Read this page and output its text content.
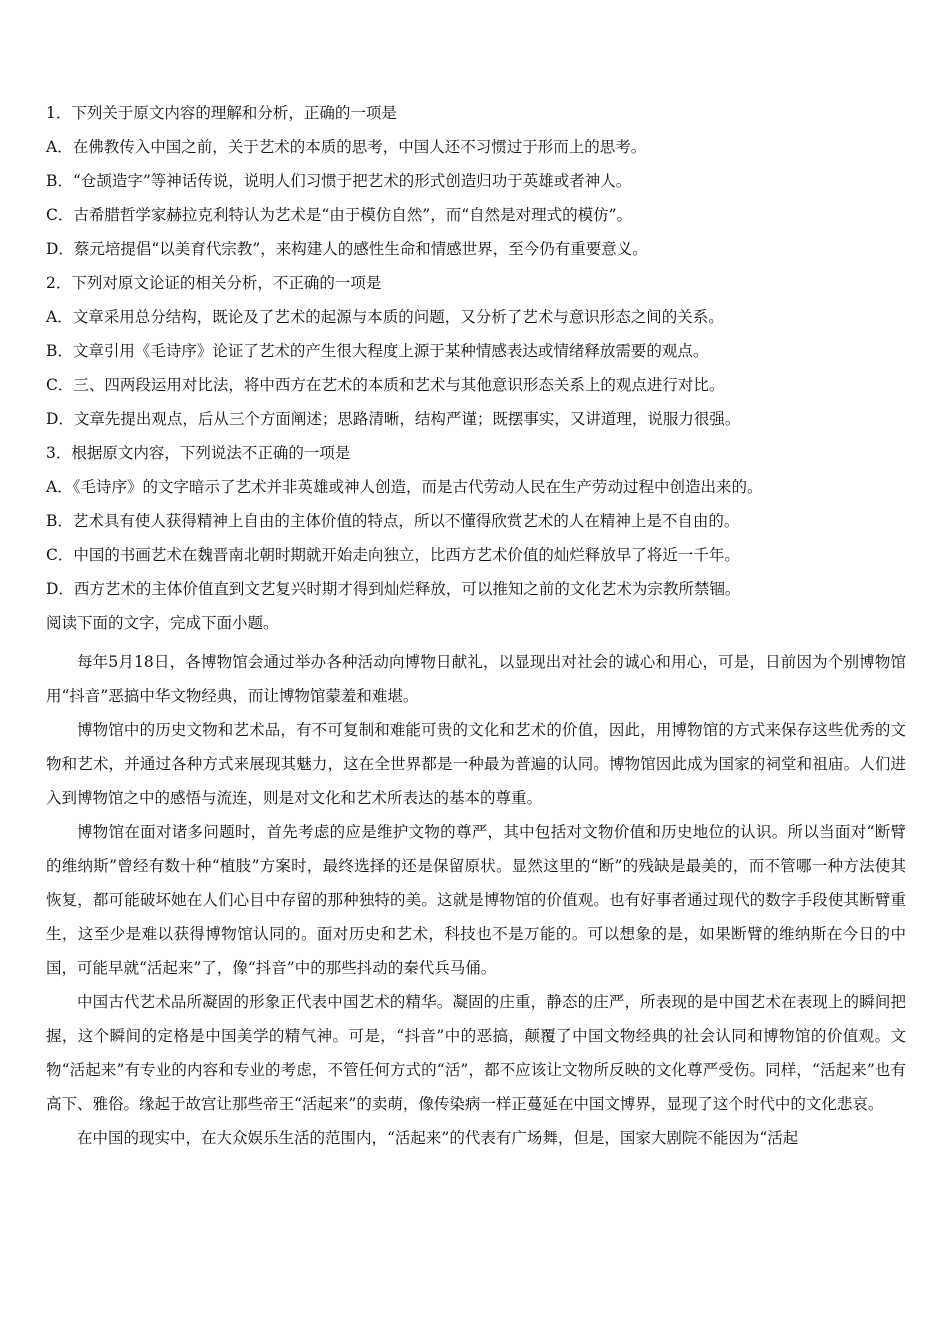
1．下列关于原文内容的理解和分析，正确的一项是
A．在佛教传入中国之前，关于艺术的本质的思考，中国人还不习惯过于形而上的思考。
B．“仓颉造字”等神话传说，说明人们习惯于把艺术的形式创造归功于英雄或者神人。
C．古希腊哲学家赫拉克利特认为艺术是“由于模仿自然”，而“自然是对理式的模仿”。
D．蔡元培提倡“以美育代宗教”，来构建人的感性生命和情感世界，至今仍有重要意义。
2．下列对原文论证的相关分析，不正确的一项是
A．文章采用总分结构，既论及了艺术的起源与本质的问题，又分析了艺术与意识形态之间的关系。
B．文章引用《毛诗序》论证了艺术的产生很大程度上源于某种情感表达或情绪释放需要的观点。
C．三、四两段运用对比法，将中西方在艺术的本质和艺术与其他意识形态关系上的观点进行对比。
D．文章先提出观点，后从三个方面阐述；思路清晰，结构严谨；既摆事实，又讲道理，说服力很强。
3．根据原文内容，下列说法不正确的一项是
A．《毛诗序》的文字暗示了艺术并非英雄或神人创造，而是古代劳动人民在生产劳动过程中创造出来的。
B．艺术具有使人获得精神上自由的主体价值的特点，所以不懂得欣赏艺术的人在精神上是不自由的。
C．中国的书画艺术在魏晋南北朝时期就开始走向独立，比西方艺术价值的灿烂释放早了将近一千年。
D．西方艺术的主体价值直到文艺复兴时期才得到灿烂释放，可以推知之前的文化艺术为宗教所禁锢。
阅读下面的文字，完成下面小题。

每年5月18日，各博物馆会通过举办各种活动向博物日献礼，以显现出对社会的诚心和用心，可是，日前因为个别博物馆用“抖音”恶搞中华文物经典，而让博物馆蒙羞和难堪。

博物馆中的历史文物和艺术品，有不可复制和难能可贵的文化和艺术的价值，因此，用博物馆的方式来保存这些优秀的文物和艺术，并通过各种方式来展现其魅力，这在全世界都是一种最为普遍的认同。博物馆因此成为国家的祠堂和祖庙。人们进入到博物馆之中的感悟与流连，则是对文化和艺术所表达的基本的尊重。

博物馆在面对诸多问题时，首先考虑的应是维护文物的尊严，其中包括对文物价值和历史地位的认识。所以当面对“断臂的维纳斯”曾经有数十种“植肢”方案时，最终选择的还是保留原状。显然这里的“断”的残缺是最美的，而不管哪一种方法使其恢复，都可能破坏她在人们心目中存留的那种独特的美。这就是博物馆的价值观。也有好事者通过现代的数字手段使其断臂重生，这至少是难以获得博物馆认同的。面对历史和艺术，科技也不是万能的。可以想象的是，如果断臂的维纳斯在今日的中国，可能早就“活起来”了，像“抖音”中的那些抖动的秦代兵马俑。

中国古代艺术品所凝固的形象正代表中国艺术的精华。凝固的庄重，静态的庄严，所表现的是中国艺术在表现上的瞬间把握，这个瞬间的定格是中国美学的精气神。可是，“抖音”中的恶搞，颠覆了中国文物经典的社会认同和博物馆的价值观。文物“活起来”有专业的内容和专业的考虑，不管任何方式的“活”，都不应该让文物所反映的文化尊严受伤。同样，“活起来”也有高下、雅俗。缘起于故宫让那些帝王“活起来”的卖萌，像传染病一样正蔓延在中国文博界，显现了这个时代中的文化悲哀。

在中国的现实中，在大众娱乐生活的范围内，“活起来”的代表有广场舞，但是，国家大剧院不能因为“活起
